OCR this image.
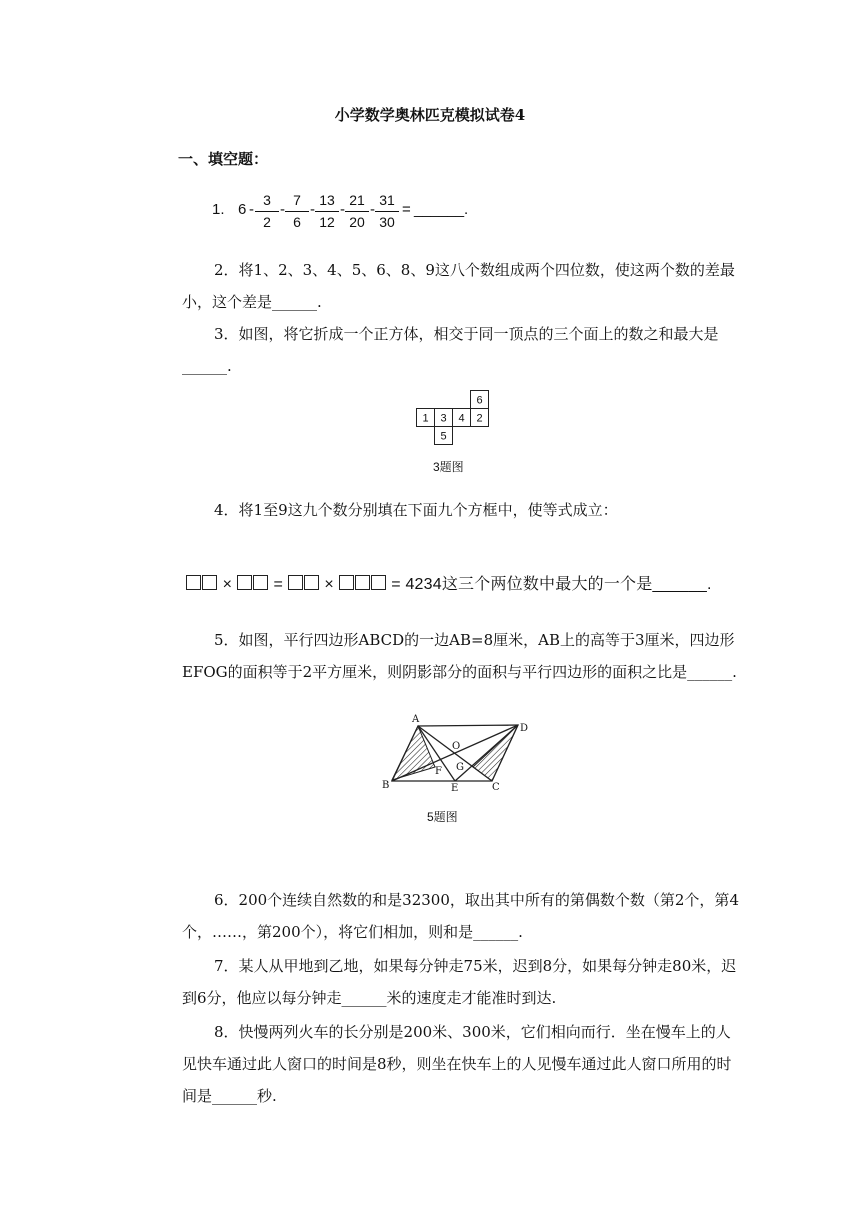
小学数学奥林匹克模拟试卷4
一、填空题：
1. $6 - \frac{3}{2} - \frac{7}{6} - \frac{13}{12} - \frac{21}{20} - \frac{31}{30}$ = ______.
2．将1、2、3、4、5、6、8、9这八个数组成两个四位数，使这两个数的差最小，这个差是______.
3．如图，将它折成一个正方体，相交于同一顶点的三个面上的数之和最大是______.
1 3 4 2
6
5
3题图
4．将1至9这九个数分别填在下面九个方框中，使等式成立：
×	=	×	= 4234这三个两位数中最大的一个是______.
5．如图，平行四边形ABCD的一边AB=8厘米，AB上的高等于3厘米，四边形EFOG的面积等于2平方厘米，则阴影部分的面积与平行四边形的面积之比是______.
A
D
B	C
E
F G
O
5题图
6．200个连续自然数的和是32300，取出其中所有的第偶数个数（第2个，第4个，……，第200个），将它们相加，则和是______.
7．某人从甲地到乙地，如果每分钟走75米，迟到8分，如果每分钟走80米，迟到6分，他应以每分钟走______米的速度走才能准时到达.
8．快慢两列火车的长分别是200米、300米，它们相向而行．坐在慢车上的人见快车通过此人窗口的时间是8秒，则坐在快车上的人见慢车通过此人窗口所用的时间是______秒.
